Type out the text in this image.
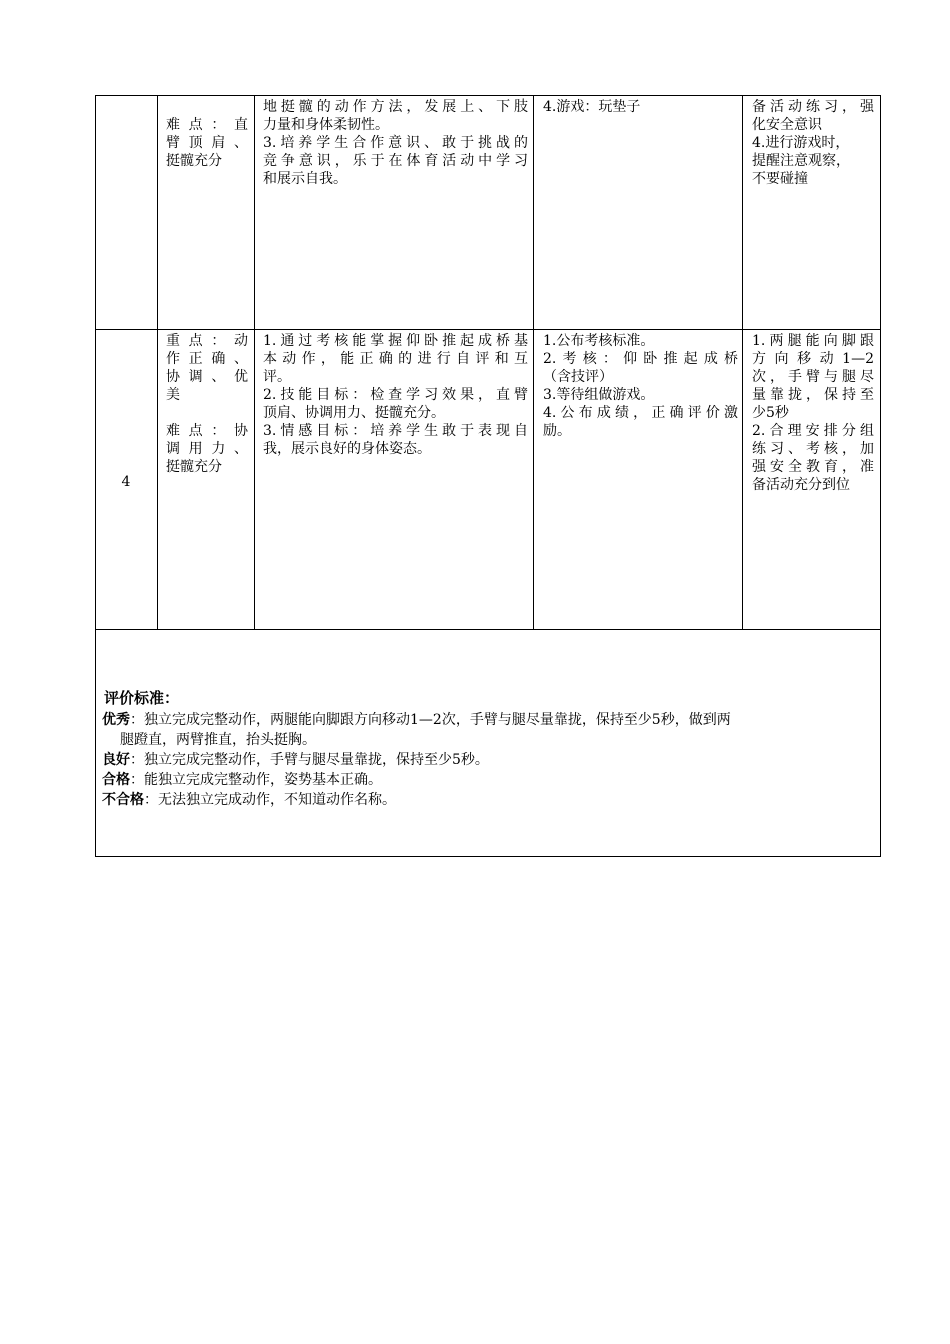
难点：直
臂顶肩、
挺髋充分
地挺髋的动作方法，发展上、下肢
力量和身体柔韧性。
3.培养学生合作意识、敢于挑战的
竞争意识，乐于在体育活动中学习
和展示自我。
4.游戏：玩垫子	备活动练习，强
化安全意识
4.进行游戏时，
提醒注意观察，
不要碰撞
4
重点：动
作正确、
协调、优
美
难点：协
调用力、
挺髋充分
1.通过考核能掌握仰卧推起成桥基
本动作，能正确的进行自评和互
评。
2.技能目标：检查学习效果，直臂
顶肩、协调用力、挺髋充分。
3.情感目标：培养学生敢于表现自
我，展示良好的身体姿态。
1.公布考核标准。
2.考核：仰卧推起成桥
（含技评）
3.等待组做游戏。
4.公布成绩，正确评价激
励。
1.两腿能向脚跟
方向移动1—2
次，手臂与腿尽
量靠拢，保持至
少5秒
2.合理安排分组
练习、考核，加
强安全教育，准
备活动充分到位
评价标准：
优秀：独立完成完整动作，两腿能向脚跟方向移动1—2次，手臂与腿尽量靠拢，保持至少5秒，做到两
腿蹬直，两臂推直，抬头挺胸。
良好：独立完成完整动作，手臂与腿尽量靠拢，保持至少5秒。
合格：能独立完成完整动作，姿势基本正确。
不合格：无法独立完成动作，不知道动作名称。
